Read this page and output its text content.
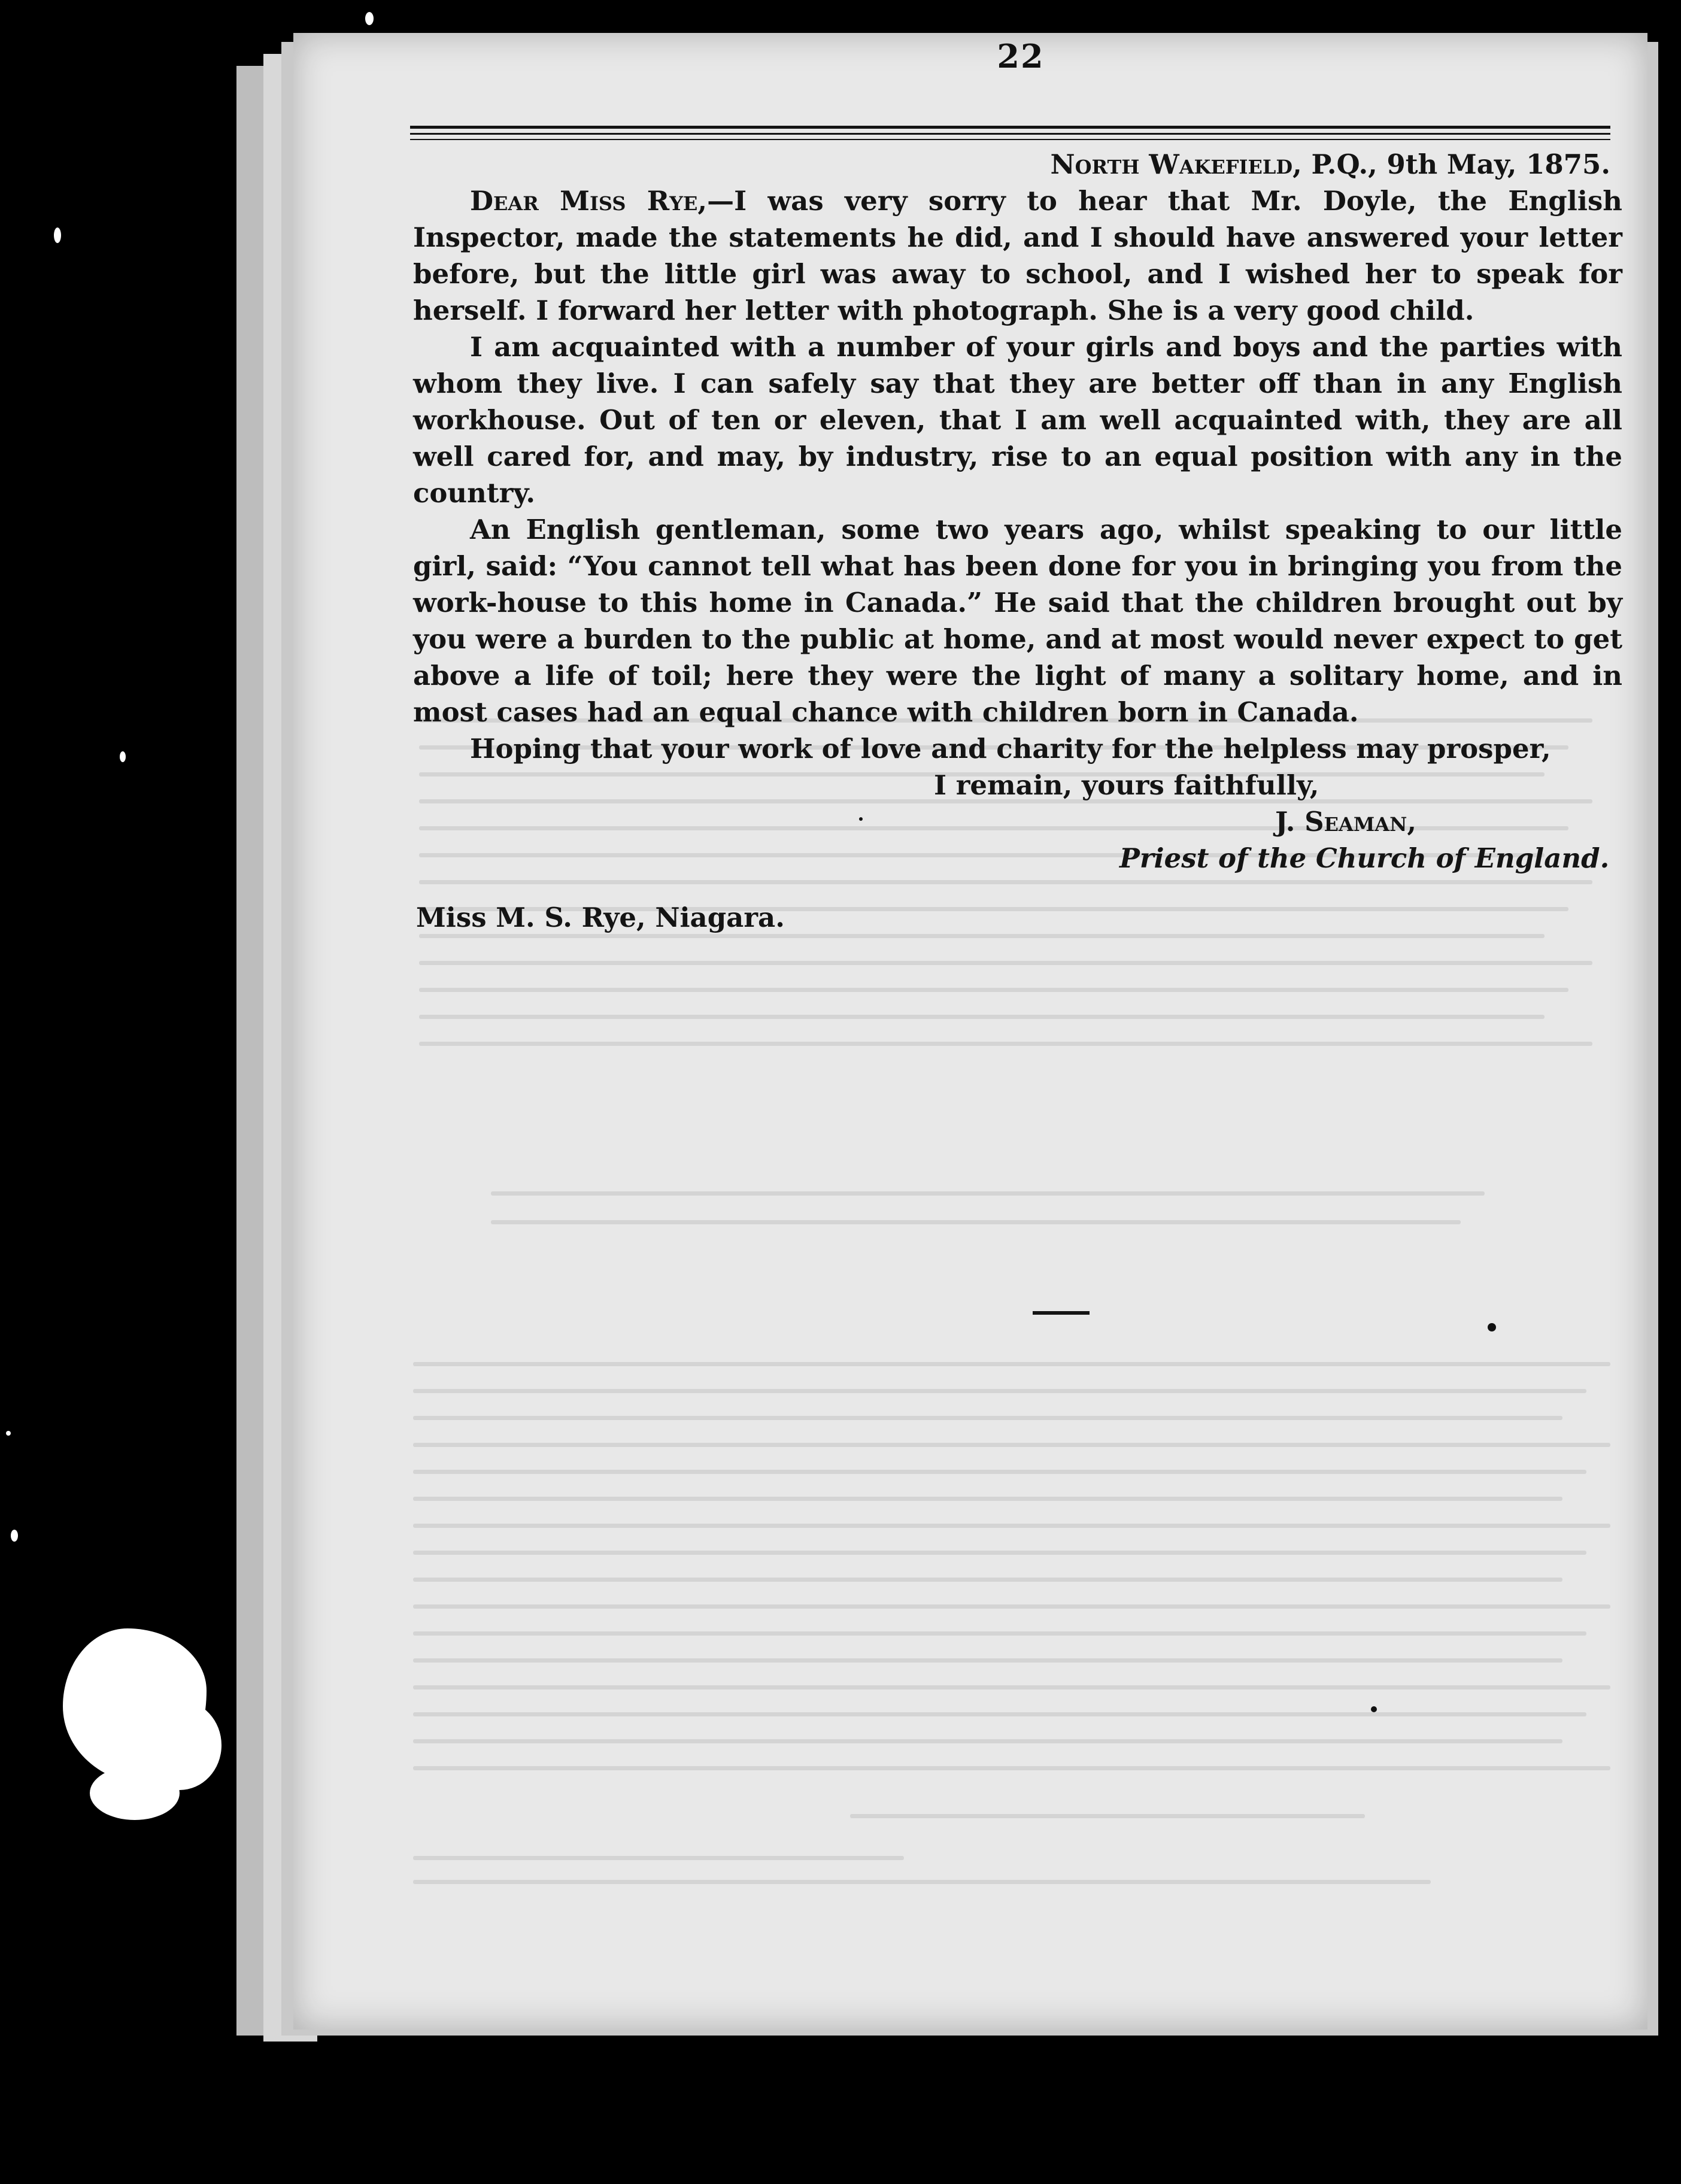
22
North Wakefield, P.Q., 9th May, 1875.

Dear Miss Rye,—I was very sorry to hear that Mr. Doyle, the English Inspector, made the statements he did, and I should have answered your letter before, but the little girl was away to school, and I wished her to speak for herself. I forward her letter with photograph. She is a very good child.

I am acquainted with a number of your girls and boys and the parties with whom they live. I can safely say that they are better off than in any English workhouse. Out of ten or eleven, that I am well acquainted with, they are all well cared for, and may, by industry, rise to an equal position with any in the country.

An English gentleman, some two years ago, whilst speaking to our little girl, said: “You cannot tell what has been done for you in bringing you from the work-house to this home in Canada.” He said that the children brought out by you were a burden to the public at home, and at most would never expect to get above a life of toil; here they were the light of many a solitary home, and in most cases had an equal chance with children born in Canada.

Hoping that your work of love and charity for the helpless may prosper,
I remain, yours faithfully,
J. Seaman,
Priest of the Church of England.
Miss M. S. Rye, Niagara.
